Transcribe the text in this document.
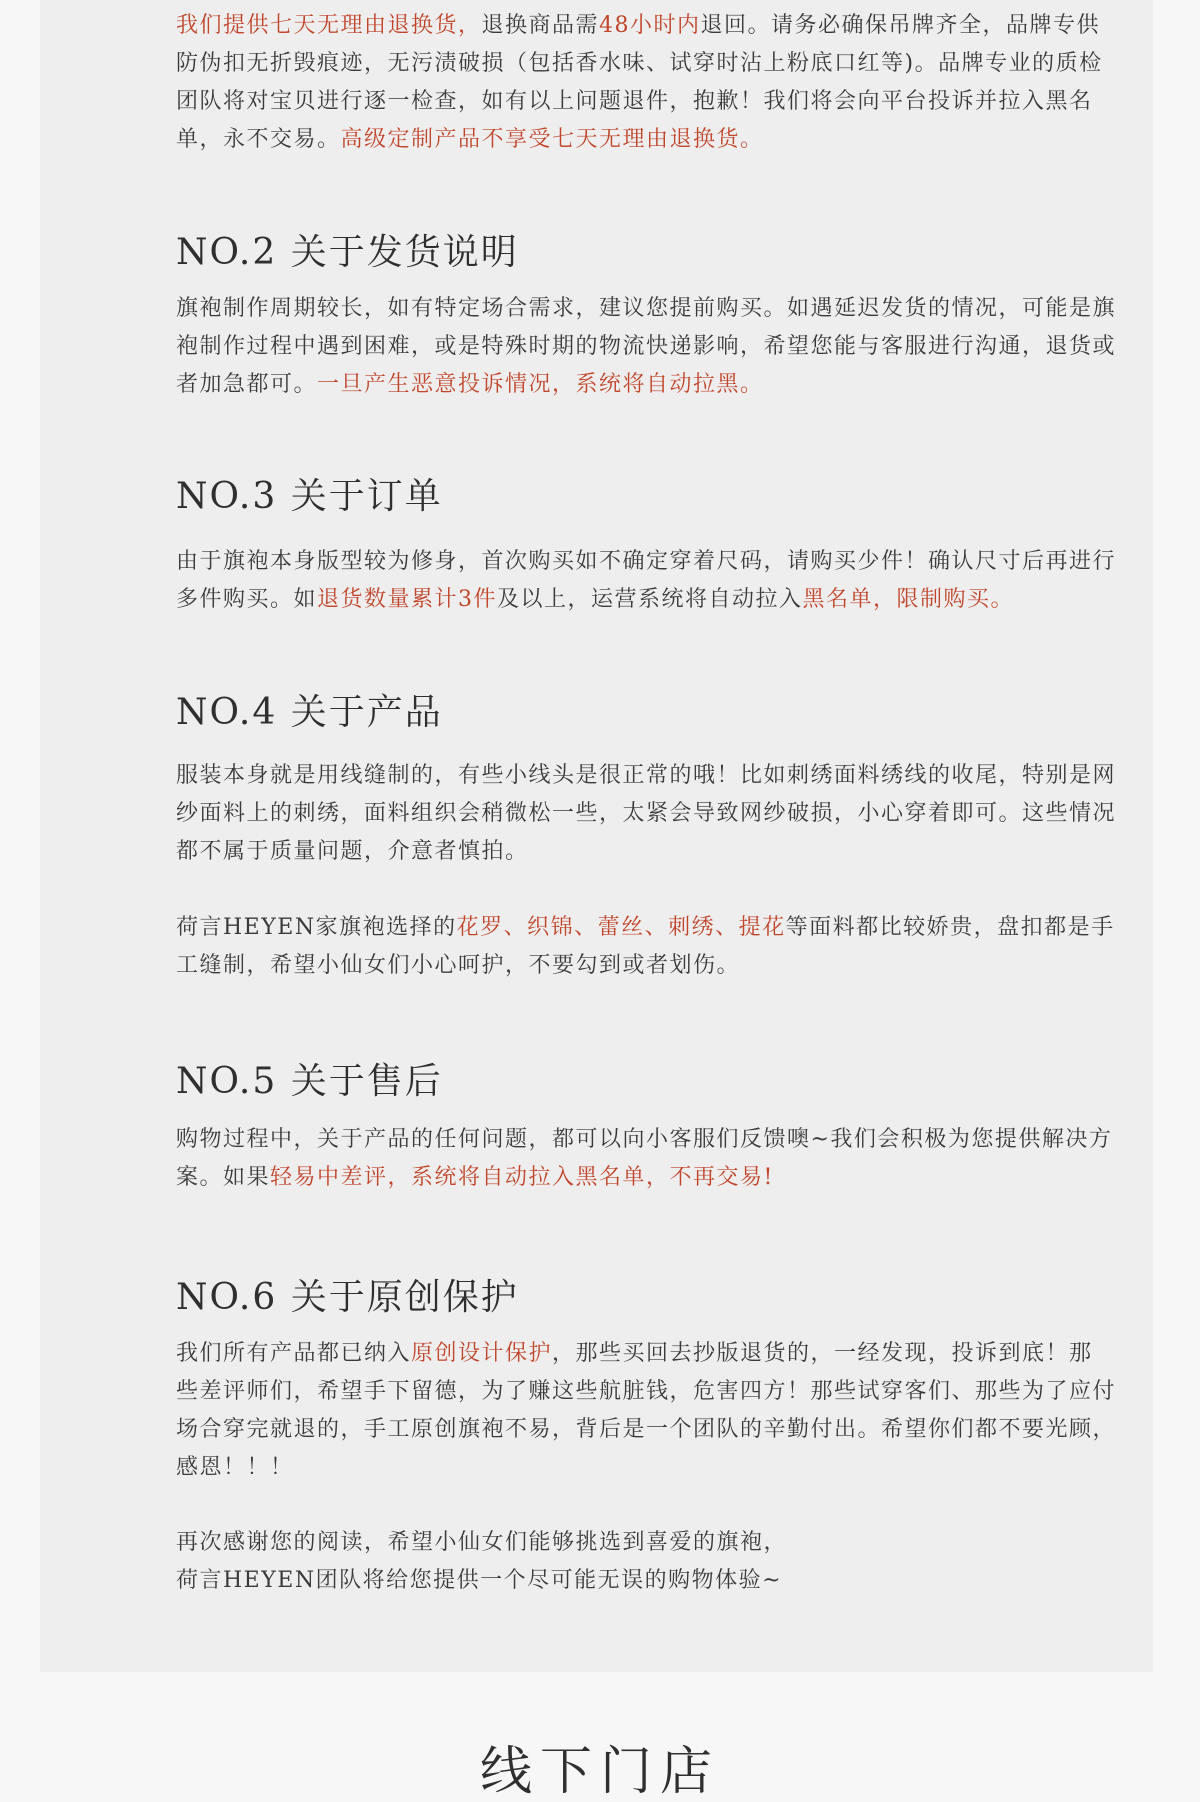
我们提供七天无理由退换货，退换商品需48小时内退回。请务必确保吊牌齐全，品牌专供防伪扣无折毁痕迹，无污渍破损（包括香水味、试穿时沾上粉底口红等)。品牌专业的质检团队将对宝贝进行逐一检查，如有以上问题退件，抱歉！我们将会向平台投诉并拉入黑名单，永不交易。高级定制产品不享受七天无理由退换货。

NO.2 关于发货说明

旗袍制作周期较长，如有特定场合需求，建议您提前购买。如遇延迟发货的情况，可能是旗袍制作过程中遇到困难，或是特殊时期的物流快递影响，希望您能与客服进行沟通，退货或者加急都可。一旦产生恶意投诉情况，系统将自动拉黑。

NO.3 关于订单

由于旗袍本身版型较为修身，首次购买如不确定穿着尺码，请购买少件！确认尺寸后再进行多件购买。如退货数量累计3件及以上，运营系统将自动拉入黑名单，限制购买。

NO.4 关于产品

服装本身就是用线缝制的，有些小线头是很正常的哦！比如刺绣面料绣线的收尾，特别是网纱面料上的刺绣，面料组织会稍微松一些，太紧会导致网纱破损，小心穿着即可。这些情况都不属于质量问题，介意者慎拍。

荷言HEYEN家旗袍选择的花罗、织锦、蕾丝、刺绣、提花等面料都比较娇贵，盘扣都是手工缝制，希望小仙女们小心呵护，不要勾到或者划伤。

NO.5 关于售后

购物过程中，关于产品的任何问题，都可以向小客服们反馈噢~我们会积极为您提供解决方案。如果轻易中差评，系统将自动拉入黑名单，不再交易!

NO.6 关于原创保护

我们所有产品都已纳入原创设计保护，那些买回去抄版退货的，一经发现，投诉到底！那些差评师们，希望手下留德，为了赚这些航脏钱，危害四方！那些试穿客们、那些为了应付场合穿完就退的，手工原创旗袍不易，背后是一个团队的辛勤付出。希望你们都不要光顾，感恩！！！

再次感谢您的阅读，希望小仙女们能够挑选到喜爱的旗袍，

荷言HEYEN团队将给您提供一个尽可能无误的购物体验~

线下门店
